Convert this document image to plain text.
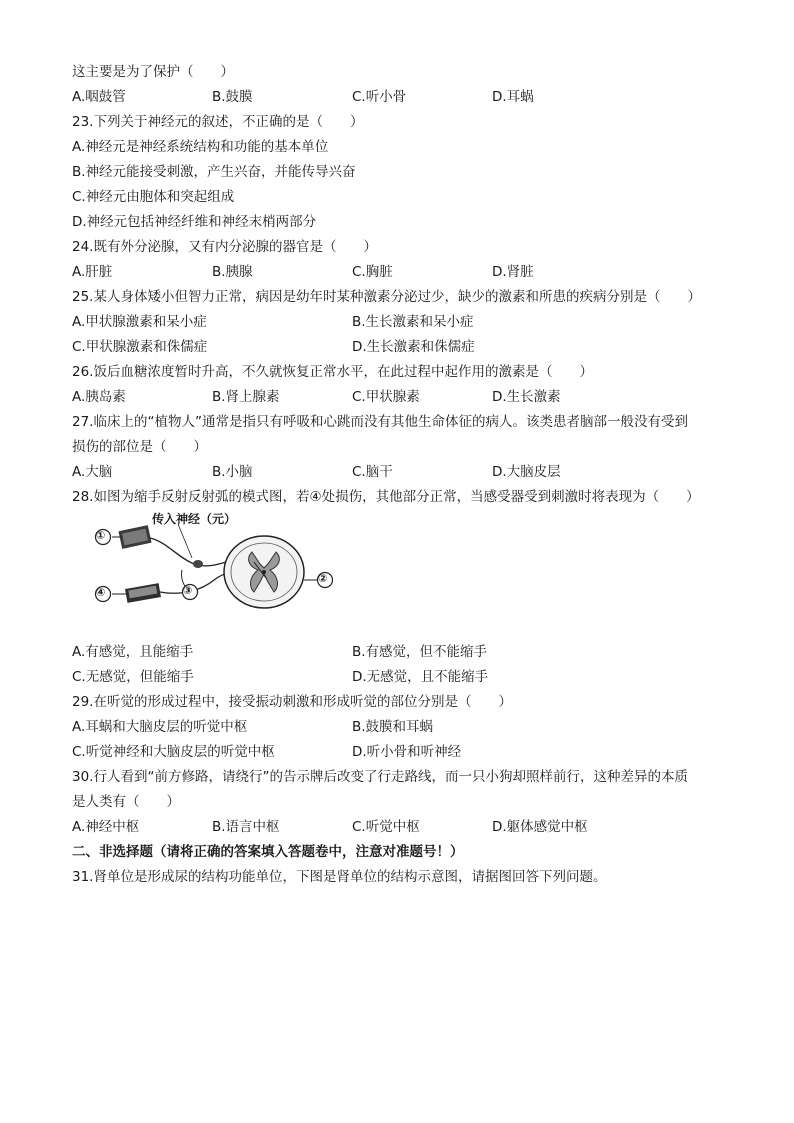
这主要是为了保护（　　）
A.咽鼓管	B.鼓膜	C.听小骨	D.耳蜗
23.下列关于神经元的叙述，不正确的是（　　）
A.神经元是神经系统结构和功能的基本单位
B.神经元能接受刺激，产生兴奋，并能传导兴奋
C.神经元由胞体和突起组成
D.神经元包括神经纤维和神经末梢两部分
24.既有外分泌腺，又有内分泌腺的器官是（　　）
A.肝脏	B.胰腺	C.胸脏	D.肾脏
25.某人身体矮小但智力正常，病因是幼年时某种激素分泌过少，缺少的激素和所患的疾病分别是（　　）
A.甲状腺激素和呆小症	B.生长激素和呆小症
C.甲状腺激素和侏儒症	D.生长激素和侏儒症
26.饭后血糖浓度暂时升高，不久就恢复正常水平，在此过程中起作用的激素是（　　）
A.胰岛素	B.肾上腺素	C.甲状腺素	D.生长激素
27.临床上的“植物人”通常是指只有呼吸和心跳而没有其他生命体征的病人。该类患者脑部一般没有受到
损伤的部位是（　　）
A.大脑	B.小脑	C.脑干	D.大脑皮层
28.如图为缩手反射反射弧的模式图，若④处损伤，其他部分正常，当感受器受到刺激时将表现为（　　）
传入神经（元）
①
④	③
②
A.有感觉，且能缩手	B.有感觉，但不能缩手
C.无感觉，但能缩手	D.无感觉，且不能缩手
29.在听觉的形成过程中，接受振动刺激和形成听觉的部位分别是（　　）
A.耳蜗和大脑皮层的听觉中枢	B.鼓膜和耳蜗
C.听觉神经和大脑皮层的听觉中枢	D.听小骨和听神经
30.行人看到“前方修路，请绕行”的告示牌后改变了行走路线，而一只小狗却照样前行，这种差异的本质
是人类有（　　）
A.神经中枢	B.语言中枢	C.听觉中枢	D.躯体感觉中枢
二、非选择题（请将正确的答案填入答题卷中，注意对准题号！）
31.肾单位是形成尿的结构功能单位，下图是肾单位的结构示意图，请据图回答下列问题。
